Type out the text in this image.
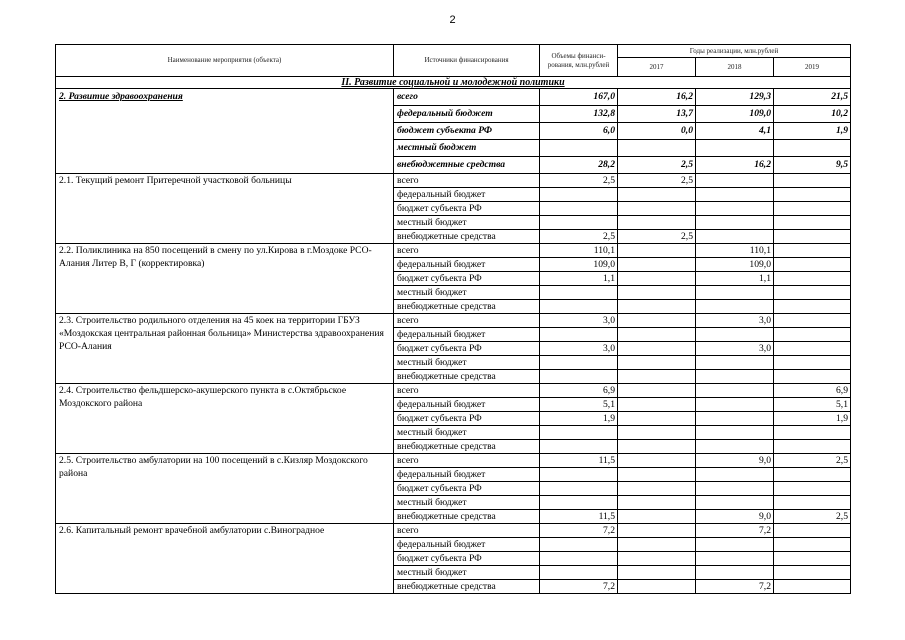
2
Наименование мероприятия (объекта)	Источники финансирования	Объемы финанси-рования, млн.рублей	Годы реализации, млн.рублей		
			2017	2018	2019
II. Развитие социальной и молодежной политики					
2. Развитие здравоохранения	всего	167,0	16,2	129,3	21,5
	федеральный бюджет	132,8	13,7	109,0	10,2
	бюджет субъекта РФ	6,0	0,0	4,1	1,9
	местный бюджет				
	внебюджетные средства	28,2	2,5	16,2	9,5
2.1. Текущий ремонт Притеречной участковой больницы	всего	2,5	2,5		
	федеральный бюджет				
	бюджет субъекта РФ				
	местный бюджет				
	внебюджетные средства	2,5	2,5		
2.2. Поликлиника на 850 посещений в смену по ул.Кирова в г.Моздоке РСО-Алания Литер В, Г (корректировка)	всего	110,1		110,1	
	федеральный бюджет	109,0		109,0	
	бюджет субъекта РФ	1,1		1,1	
	местный бюджет				
	внебюджетные средства				
2.3. Строительство родильного отделения на 45 коек на территории ГБУЗ «Моздокская центральная районная больница» Министерства здравоохранения РСО-Алания	всего	3,0		3,0	
	федеральный бюджет				
	бюджет субъекта РФ	3,0		3,0	
	местный бюджет				
	внебюджетные средства				
2.4. Строительство фельдшерско-акушерского пункта в с.Октябрьское Моздокского района	всего	6,9			6,9
	федеральный бюджет	5,1			5,1
	бюджет субъекта РФ	1,9			1,9
	местный бюджет				
	внебюджетные средства				
2.5. Строительство амбулатории на 100 посещений в с.Кизляр Моздокского района	всего	11,5		9,0	2,5
	федеральный бюджет				
	бюджет субъекта РФ				
	местный бюджет				
	внебюджетные средства	11,5		9,0	2,5
2.6. Капитальный ремонт врачебной амбулатории с.Виноградное	всего	7,2		7,2	
	федеральный бюджет				
	бюджет субъекта РФ				
	местный бюджет				
	внебюджетные средства	7,2		7,2	
